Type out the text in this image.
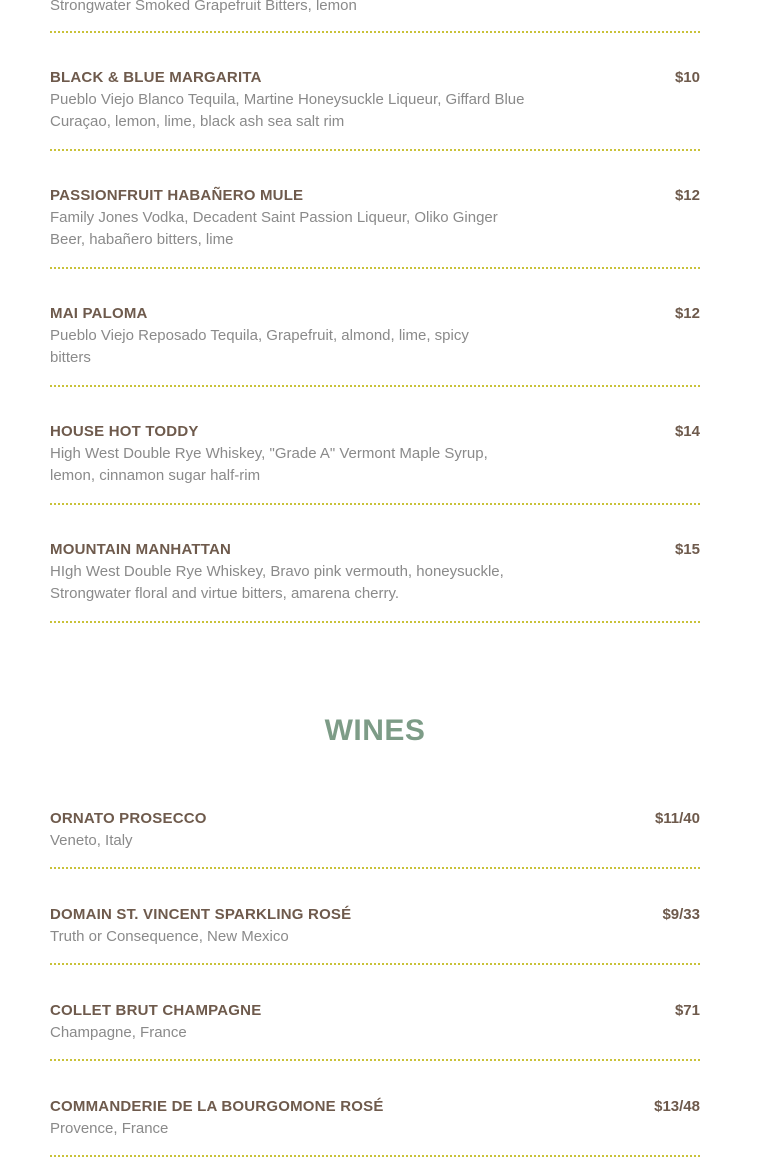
Strongwater Smoked Grapefruit Bitters, lemon
BLACK & BLUE MARGARITA	$10
Pueblo Viejo Blanco Tequila, Martine Honeysuckle Liqueur, Giffard Blue
Curaçao, lemon, lime, black ash sea salt rim
PASSIONFRUIT HABAÑERO MULE	$12
Family Jones Vodka, Decadent Saint Passion Liqueur, Oliko Ginger
Beer, habañero bitters, lime
MAI PALOMA	$12
Pueblo Viejo Reposado Tequila, Grapefruit, almond, lime, spicy
bitters
HOUSE HOT TODDY	$14
High West Double Rye Whiskey, "Grade A" Vermont Maple Syrup,
lemon, cinnamon sugar half-rim
MOUNTAIN MANHATTAN	$15
HIgh West Double Rye Whiskey, Bravo pink vermouth, honeysuckle,
Strongwater floral and virtue bitters, amarena cherry.
WINES
ORNATO PROSECCO	$11/40
Veneto, Italy
DOMAIN ST. VINCENT SPARKLING ROSÉ	$9/33
Truth or Consequence, New Mexico
COLLET BRUT CHAMPAGNE	$71
Champagne, France
COMMANDERIE DE LA BOURGOMONE ROSÉ	$13/48
Provence, France
